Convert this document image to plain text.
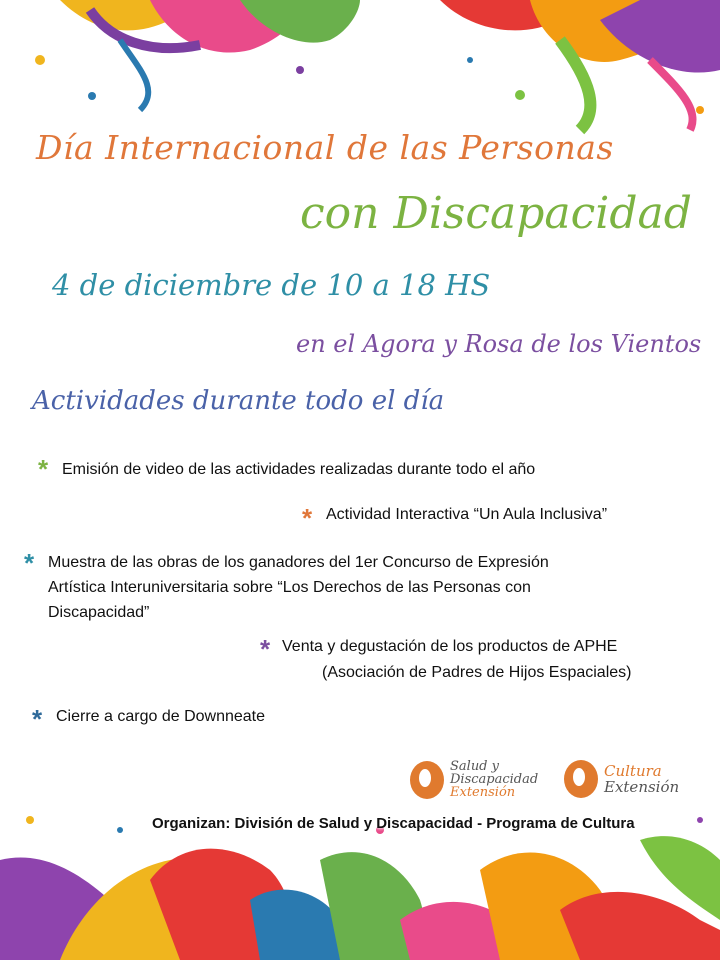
Día Internacional de las Personas
con Discapacidad
4 de diciembre de 10 a 18 HS
en el Agora y Rosa de los Vientos
Actividades durante todo el día
* Emisión de video de las actividades realizadas durante todo el año
* Actividad Interactiva “Un Aula Inclusiva”
* Muestra de las obras de los ganadores del 1er Concurso de Expresión
Artística Interuniversitaria sobre “Los Derechos de las Personas con
Discapacidad”
* Venta y degustación de los productos de APHE
(Asociación de Padres de Hijos Espaciales)
* Cierre a cargo de Downneate
Salud y
Discapacidad
Extensión
Cultura
Extensión
Organizan: División de Salud y Discapacidad - Programa de Cultura
